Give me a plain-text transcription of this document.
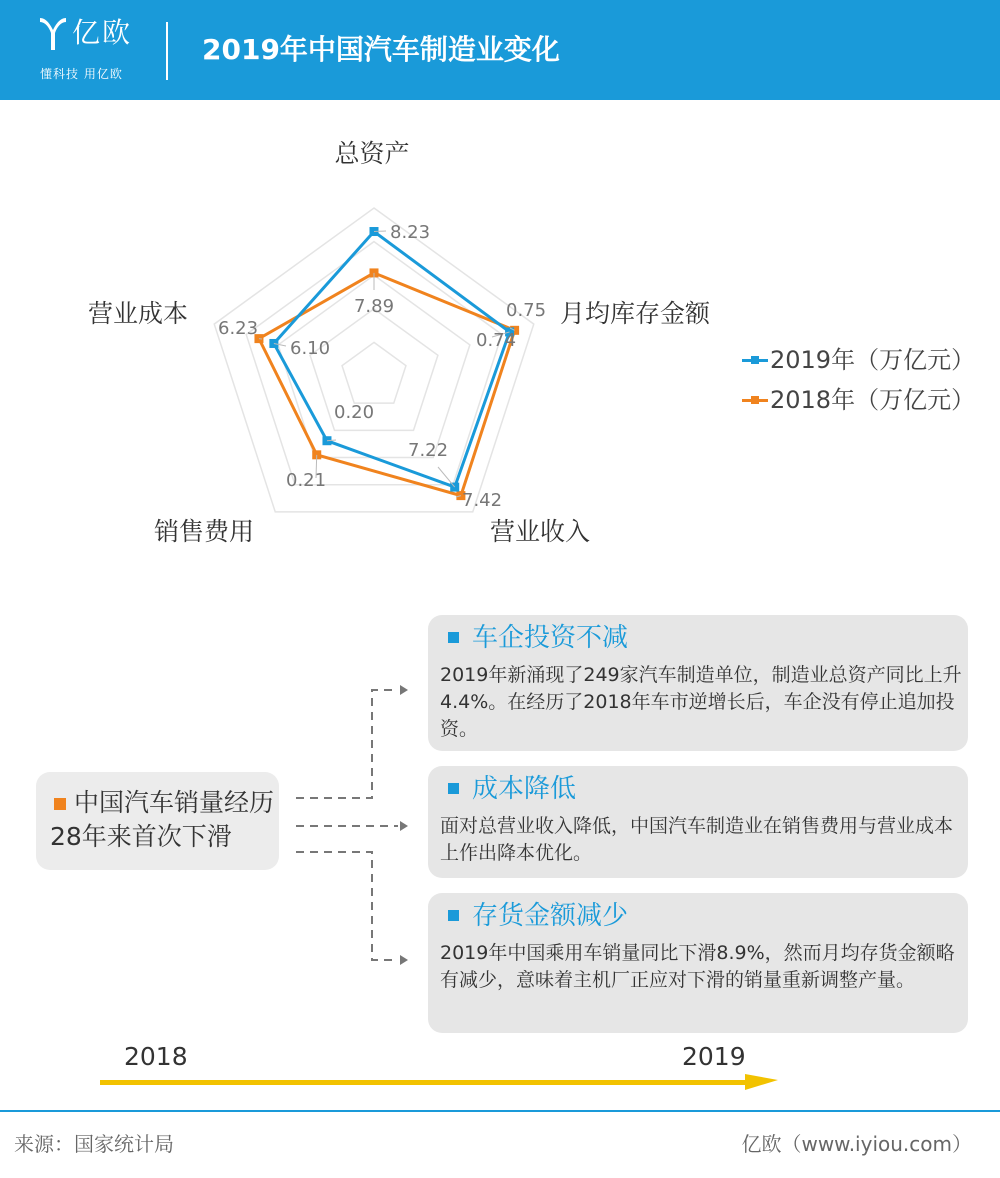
亿欧
懂科技 用亿欧
2019年中国汽车制造业变化
总资产
月均库存金额
营业收入
销售费用
营业成本
8.23
0.74
7.22
0.20
6.10
7.89	0.75
7.42
0.21
6.23
2019年（万亿元）
2018年（万亿元）
中国汽车销量经历28年来首次下滑
车企投资不减
2019年新涌现了249家汽车制造单位，制造业总资产同比上升4.4%。在经历了2018年车市逆增长后，车企没有停止追加投资。
成本降低
面对总营业收入降低，中国汽车制造业在销售费用与营业成本上作出降本优化。
存货金额减少
2019年中国乘用车销量同比下滑8.9%，然而月均存货金额略有减少，意味着主机厂正应对下滑的销量重新调整产量。
2018	2019
来源：国家统计局	亿欧（www.iyiou.com）
